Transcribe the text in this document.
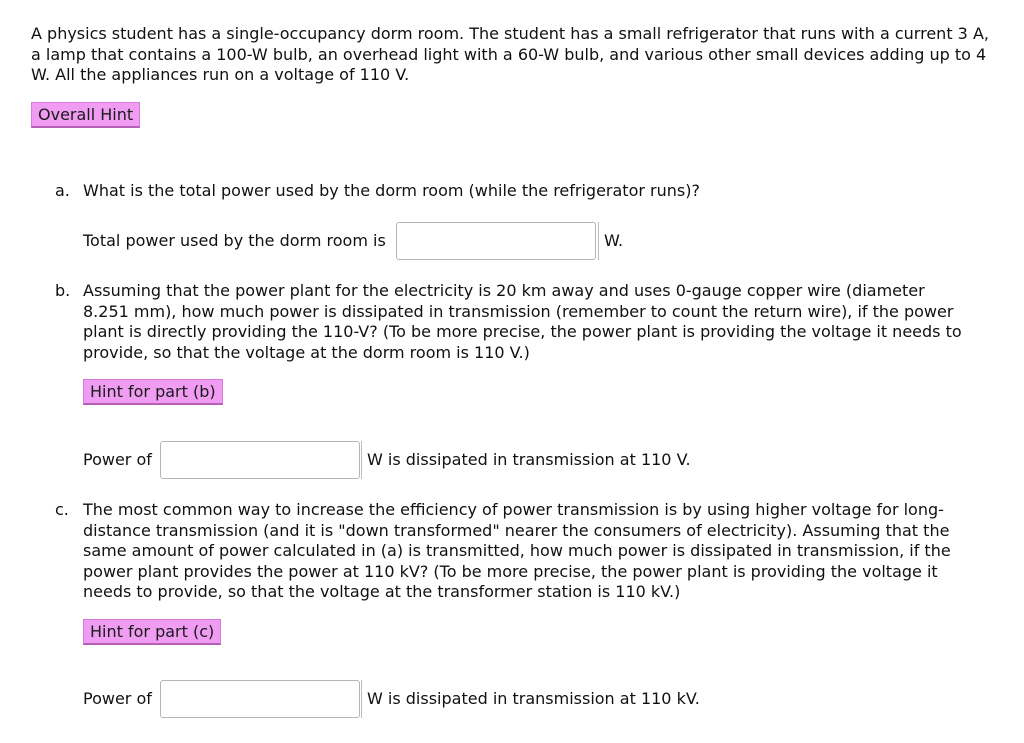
A physics student has a single-occupancy dorm room. The student has a small refrigerator that runs with a current 3 A, a lamp that contains a 100-W bulb, an overhead light with a 60-W bulb, and various other small devices adding up to 4 W. All the appliances run on a voltage of 110 V.
Overall Hint
a. What is the total power used by the dorm room (while the refrigerator runs)?
Total power used by the dorm room is	W.
b. Assuming that the power plant for the electricity is 20 km away and uses 0-gauge copper wire (diameter 8.251 mm), how much power is dissipated in transmission (remember to count the return wire), if the power plant is directly providing the 110-V? (To be more precise, the power plant is providing the voltage it needs to provide, so that the voltage at the dorm room is 110 V.)
Hint for part (b)
Power of	W is dissipated in transmission at 110 V.
c. The most common way to increase the efficiency of power transmission is by using higher voltage for long-distance transmission (and it is "down transformed" nearer the consumers of electricity). Assuming that the same amount of power calculated in (a) is transmitted, how much power is dissipated in transmission, if the power plant provides the power at 110 kV? (To be more precise, the power plant is providing the voltage it needs to provide, so that the voltage at the transformer station is 110 kV.)
Hint for part (c)
Power of	W is dissipated in transmission at 110 kV.
